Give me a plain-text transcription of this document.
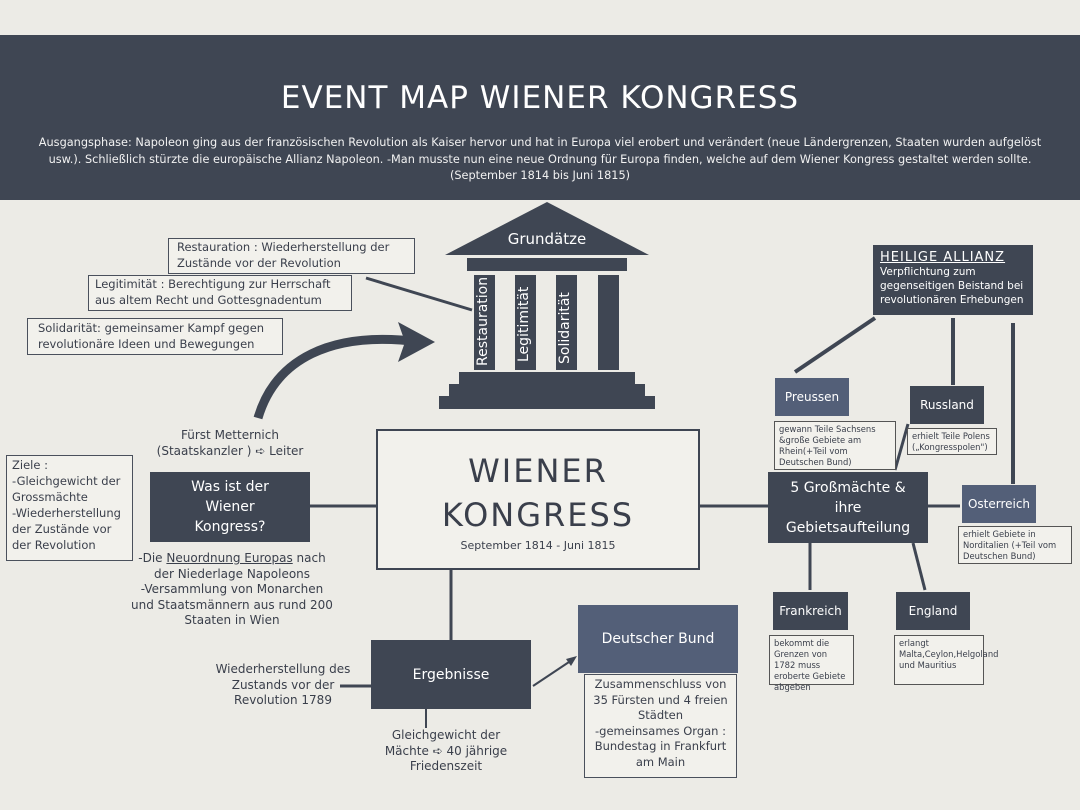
EVENT MAP WIENER KONGRESS

Ausgangsphase: Napoleon ging aus der französischen Revolution als Kaiser hervor und hat in Europa viel erobert und verändert (neue Ländergrenzen, Staaten wurden aufgelöst usw.). Schließlich stürzte die europäische Allianz Napoleon. -Man musste nun eine neue Ordnung für Europa finden, welche auf dem Wiener Kongress gestaltet werden sollte. (September 1814 bis Juni 1815)

Grundätze
Restauration Legitimität Solidarität
Restauration : Wiederherstellung der Zustände vor der Revolution
Legitimität : Berechtigung zur Herrschaft aus altem Recht und Gottesgnadentum
Solidarität: gemeinsamer Kampf gegen revolutionäre Ideen und Bewegungen
Fürst Metternich (Staatskanzler ) ➪ Leiter
WIENER
KONGRESS
September 1814 - Juni 1815
Was ist der Wiener Kongress?
Ziele :
-Gleichgewicht der Grossmächte
-Wiederherstellung der Zustände vor der Revolution
-Die Neuordnung Europas nach der Niederlage Napoleons
-Versammlung von Monarchen und Staatsmännern aus rund 200  Staaten in Wien
Ergebnisse
Wiederherstellung des Zustands vor der Revolution 1789
Gleichgewicht der Mächte ➪ 40 jährige Friedenszeit
Deutscher Bund
Zusammenschluss von 35 Fürsten und 4 freien Städten
-gemeinsames Organ : Bundestag in Frankfurt am Main
5 Großmächte & ihre Gebietsaufteilung
HEILIGE ALLIANZ
Verpflichtung zum gegenseitigen Beistand bei revolutionären Erhebungen
Preussen
gewann Teile Sachsens &große Gebiete am Rhein(+Teil vom Deutschen Bund)
Russland
erhielt Teile Polens („Kongresspolen")
Osterreich
erhielt Gebiete in Norditalien (+Teil vom Deutschen Bund)
Frankreich
bekommt die Grenzen von 1782 muss eroberte Gebiete abgeben
England
erlangt Malta,Ceylon,Helgoland und Mauritius
